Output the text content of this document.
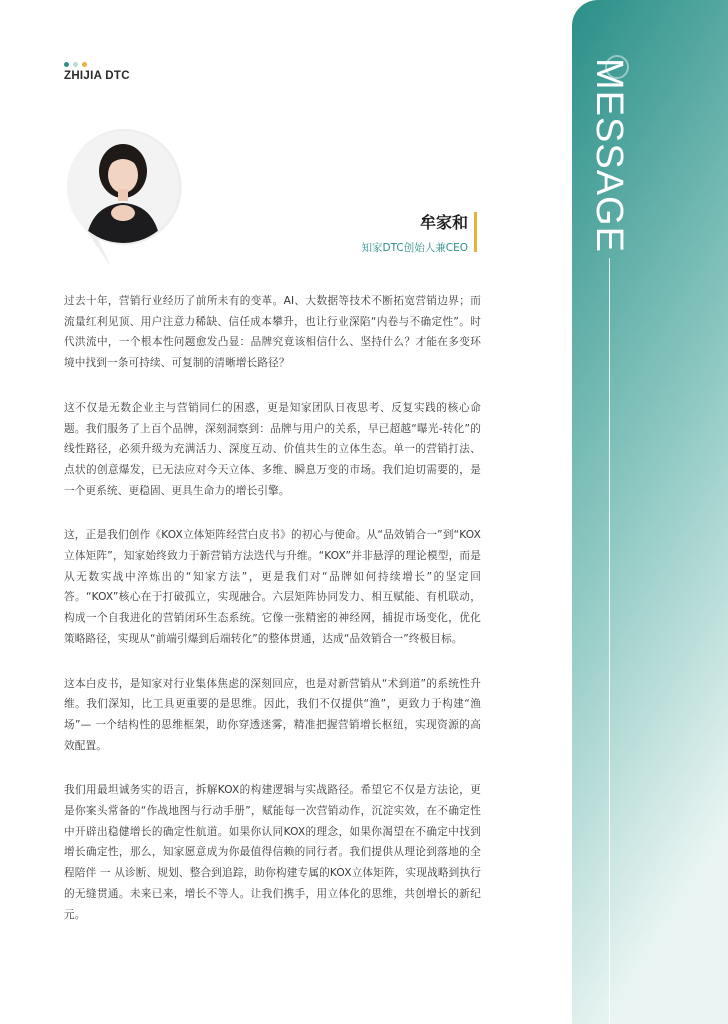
ZHIJIA DTC	MESSAGE
牟家和
知家DTC创始人兼CEO

过去十年，营销行业经历了前所未有的变革。AI、大数据等技术不断拓宽营销边界；而流量红利见顶、用户注意力稀缺、信任成本攀升，也让行业深陷“内卷与不确定性”。时代洪流中，一个根本性问题愈发凸显：品牌究竟该相信什么、坚持什么？才能在多变环境中找到一条可持续、可复制的清晰增长路径？

这不仅是无数企业主与营销同仁的困惑，更是知家团队日夜思考、反复实践的核心命题。我们服务了上百个品牌，深刻洞察到：品牌与用户的关系，早已超越“曝光-转化”的线性路径，必须升级为充满活力、深度互动、价值共生的立体生态。单一的营销打法、点状的创意爆发，已无法应对今天立体、多维、瞬息万变的市场。我们迫切需要的，是一个更系统、更稳固、更具生命力的增长引擎。

这，正是我们创作《KOX立体矩阵经营白皮书》的初心与使命。从“品效销合一”到“KOX立体矩阵”，知家始终致力于新营销方法迭代与升维。“KOX”并非悬浮的理论模型，而是从无数实战中淬炼出的“知家方法”，更是我们对“品牌如何持续增长”的坚定回答。“KOX”核心在于打破孤立，实现融合。六层矩阵协同发力、相互赋能、有机联动，构成一个自我进化的营销闭环生态系统。它像一张精密的神经网，捕捉市场变化，优化策略路径，实现从“前端引爆到后端转化”的整体贯通，达成“品效销合一”终极目标。

这本白皮书，是知家对行业集体焦虑的深刻回应，也是对新营销从“术到道”的系统性升维。我们深知，比工具更重要的是思维。因此，我们不仅提供“渔”，更致力于构建“渔场”— 一个结构性的思维框架，助你穿透迷雾，精准把握营销增长枢纽，实现资源的高效配置。

我们用最坦诚务实的语言，拆解KOX的构建逻辑与实战路径。希望它不仅是方法论，更是你案头常备的“作战地图与行动手册”，赋能每一次营销动作，沉淀实效，在不确定性中开辟出稳健增长的确定性航道。如果你认同KOX的理念，如果你渴望在不确定中找到增长确定性，那么，知家愿意成为你最值得信赖的同行者。我们提供从理论到落地的全程陪伴 一 从诊断、规划、整合到追踪，助你构建专属的KOX立体矩阵，实现战略到执行的无缝贯通。未来已来，增长不等人。让我们携手，用立体化的思维，共创增长的新纪元。
